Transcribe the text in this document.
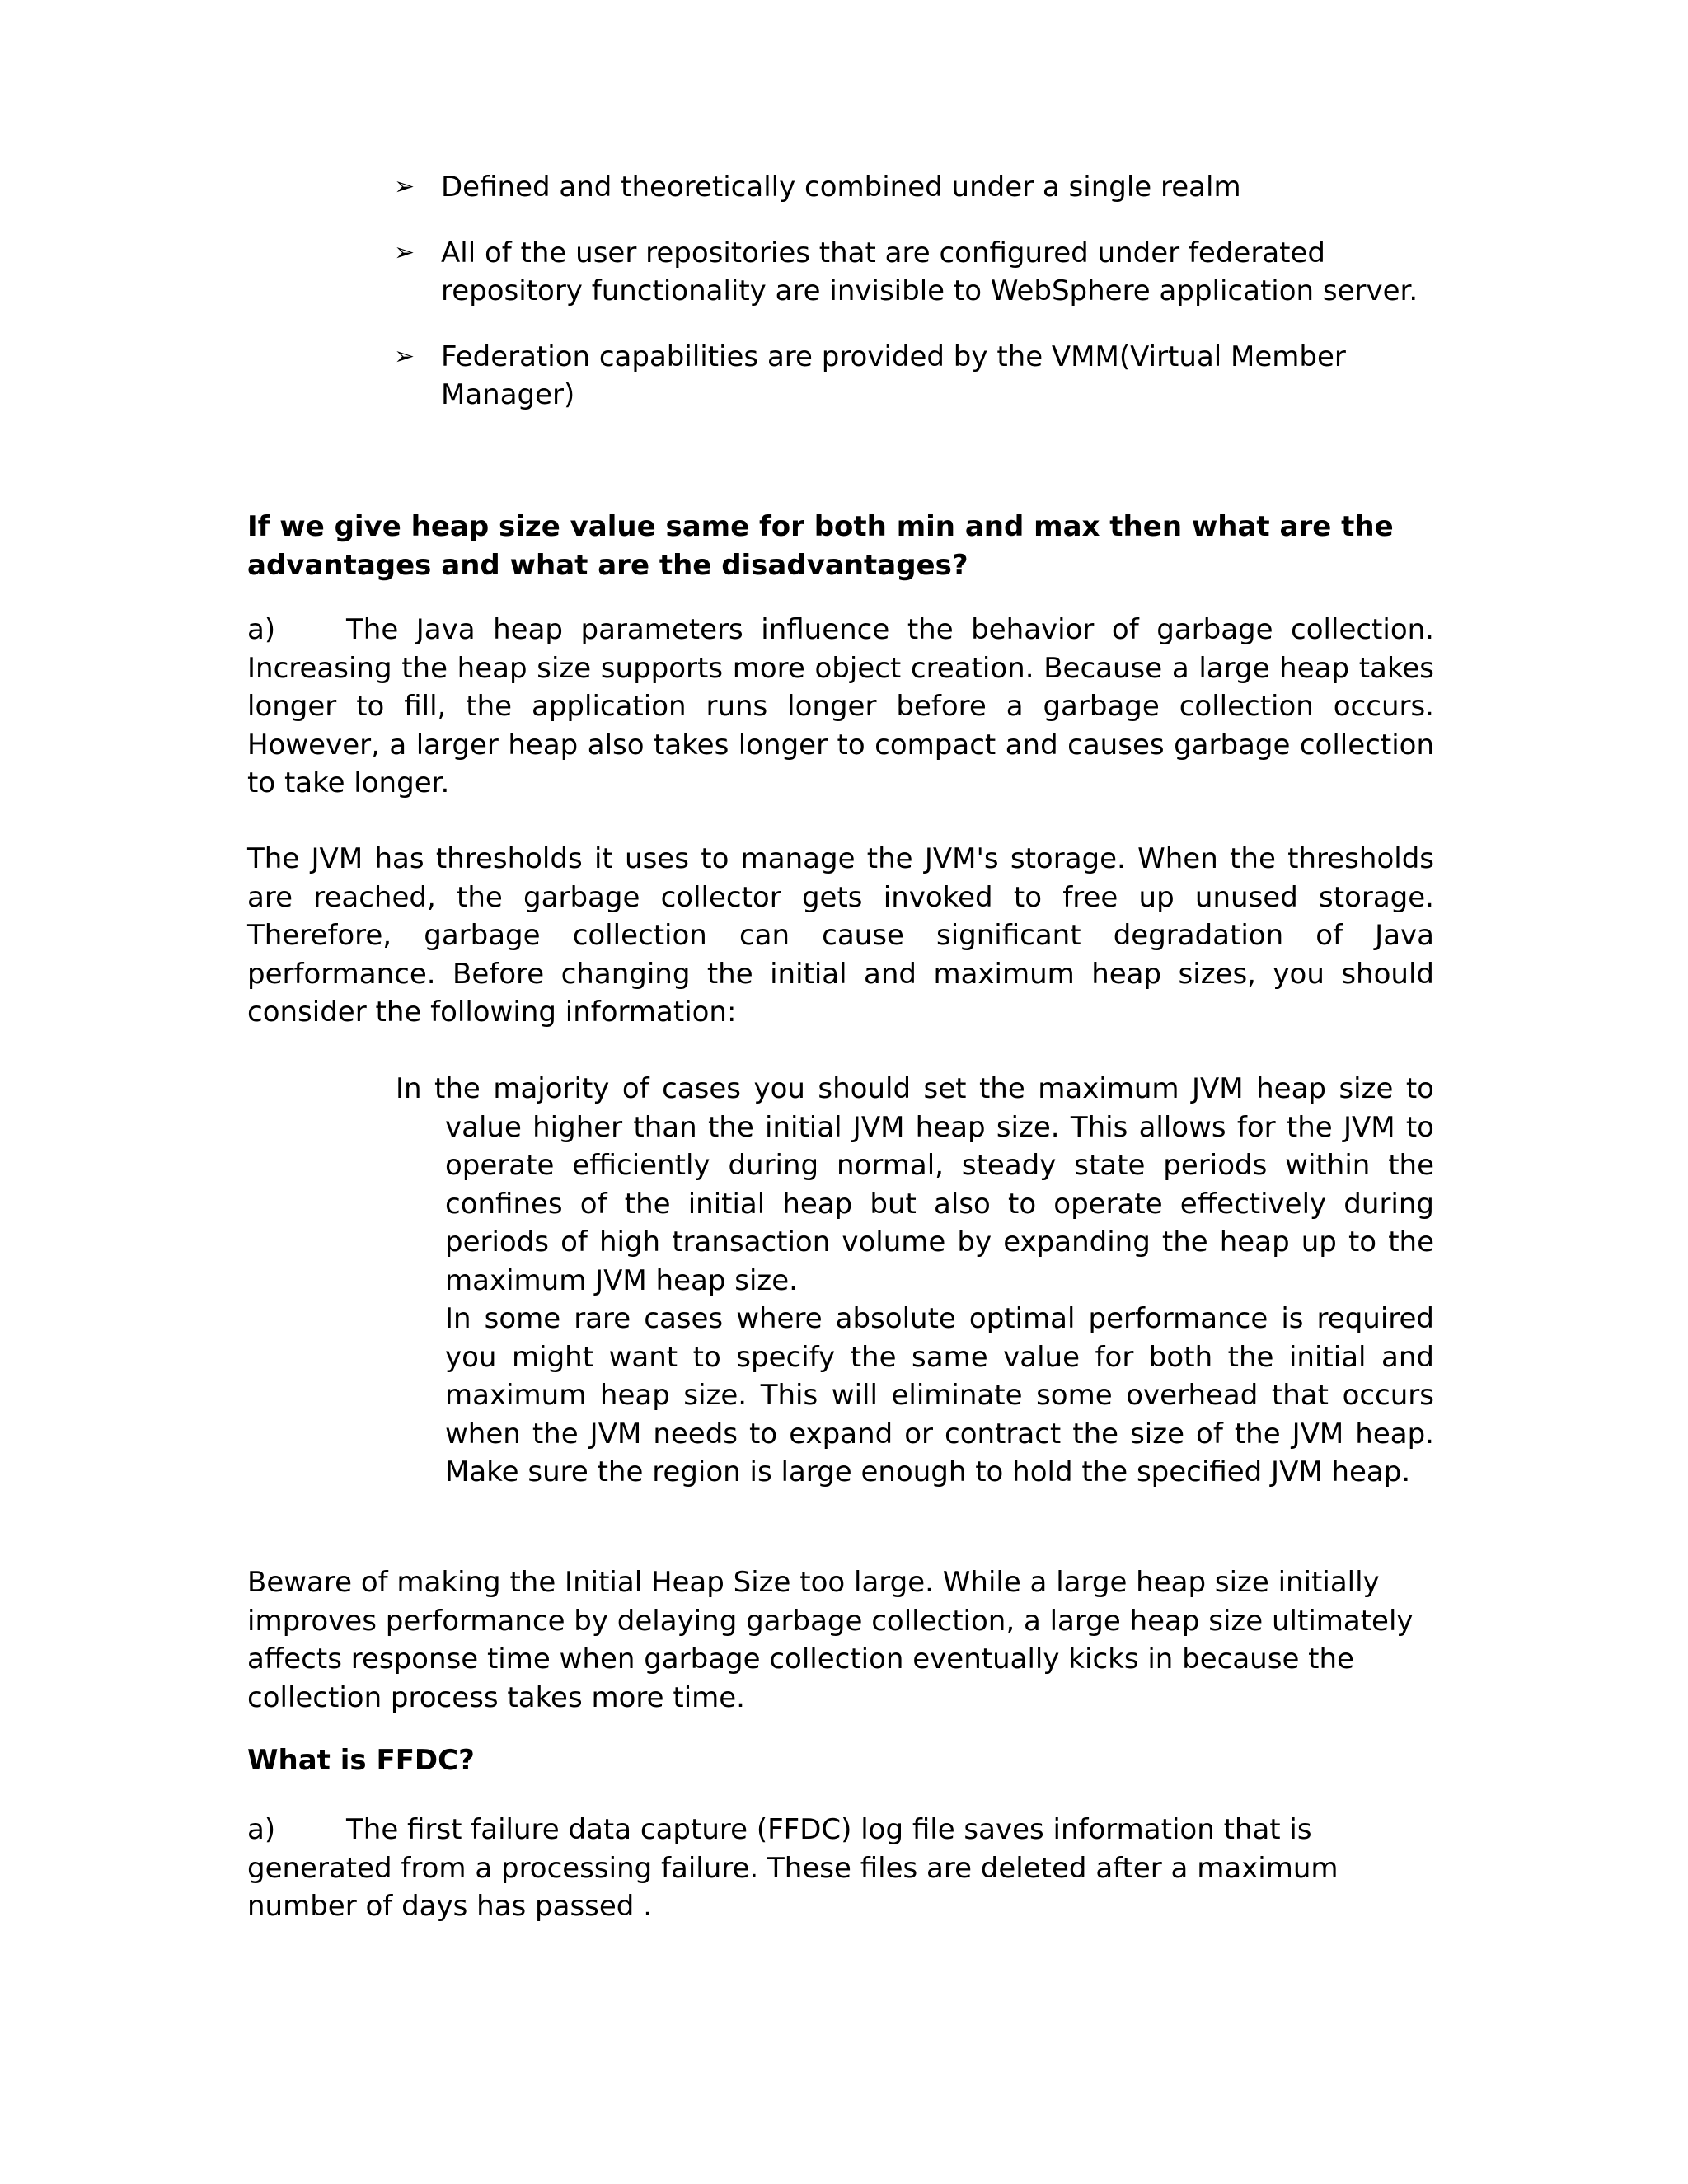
➢ Defined and theoretically combined under a single realm
➢ All of the user repositories that are configured under federated repository functionality are invisible to WebSphere application server.
➢ Federation capabilities are provided by the VMM(Virtual Member Manager)

If we give heap size value same for both min and max then what are the advantages and what are the disadvantages?

a)	The Java heap parameters influence the behavior of garbage collection. Increasing the heap size supports more object creation. Because a large heap takes longer to fill, the application runs longer before a garbage collection occurs. However, a larger heap also takes longer to compact and causes garbage collection to take longer.

The JVM has thresholds it uses to manage the JVM's storage. When the thresholds are reached, the garbage collector gets invoked to free up unused storage. Therefore, garbage collection can cause significant degradation of Java performance. Before changing the initial and maximum heap sizes, you should consider the following information:

In the majority of cases you should set the maximum JVM heap size to value higher than the initial JVM heap size. This allows for the JVM to operate efficiently during normal, steady state periods within the confines of the initial heap but also to operate effectively during periods of high transaction volume by expanding the heap up to the maximum JVM heap size.
In some rare cases where absolute optimal performance is required you might want to specify the same value for both the initial and maximum heap size. This will eliminate some overhead that occurs when the JVM needs to expand or contract the size of the JVM heap. Make sure the region is large enough to hold the specified JVM heap.

Beware of making the Initial Heap Size too large. While a large heap size initially improves performance by delaying garbage collection, a large heap size ultimately affects response time when garbage collection eventually kicks in because the collection process takes more time.

What is FFDC?

a)	The first failure data capture (FFDC) log file saves information that is generated from a processing failure. These files are deleted after a maximum number of days has passed .
